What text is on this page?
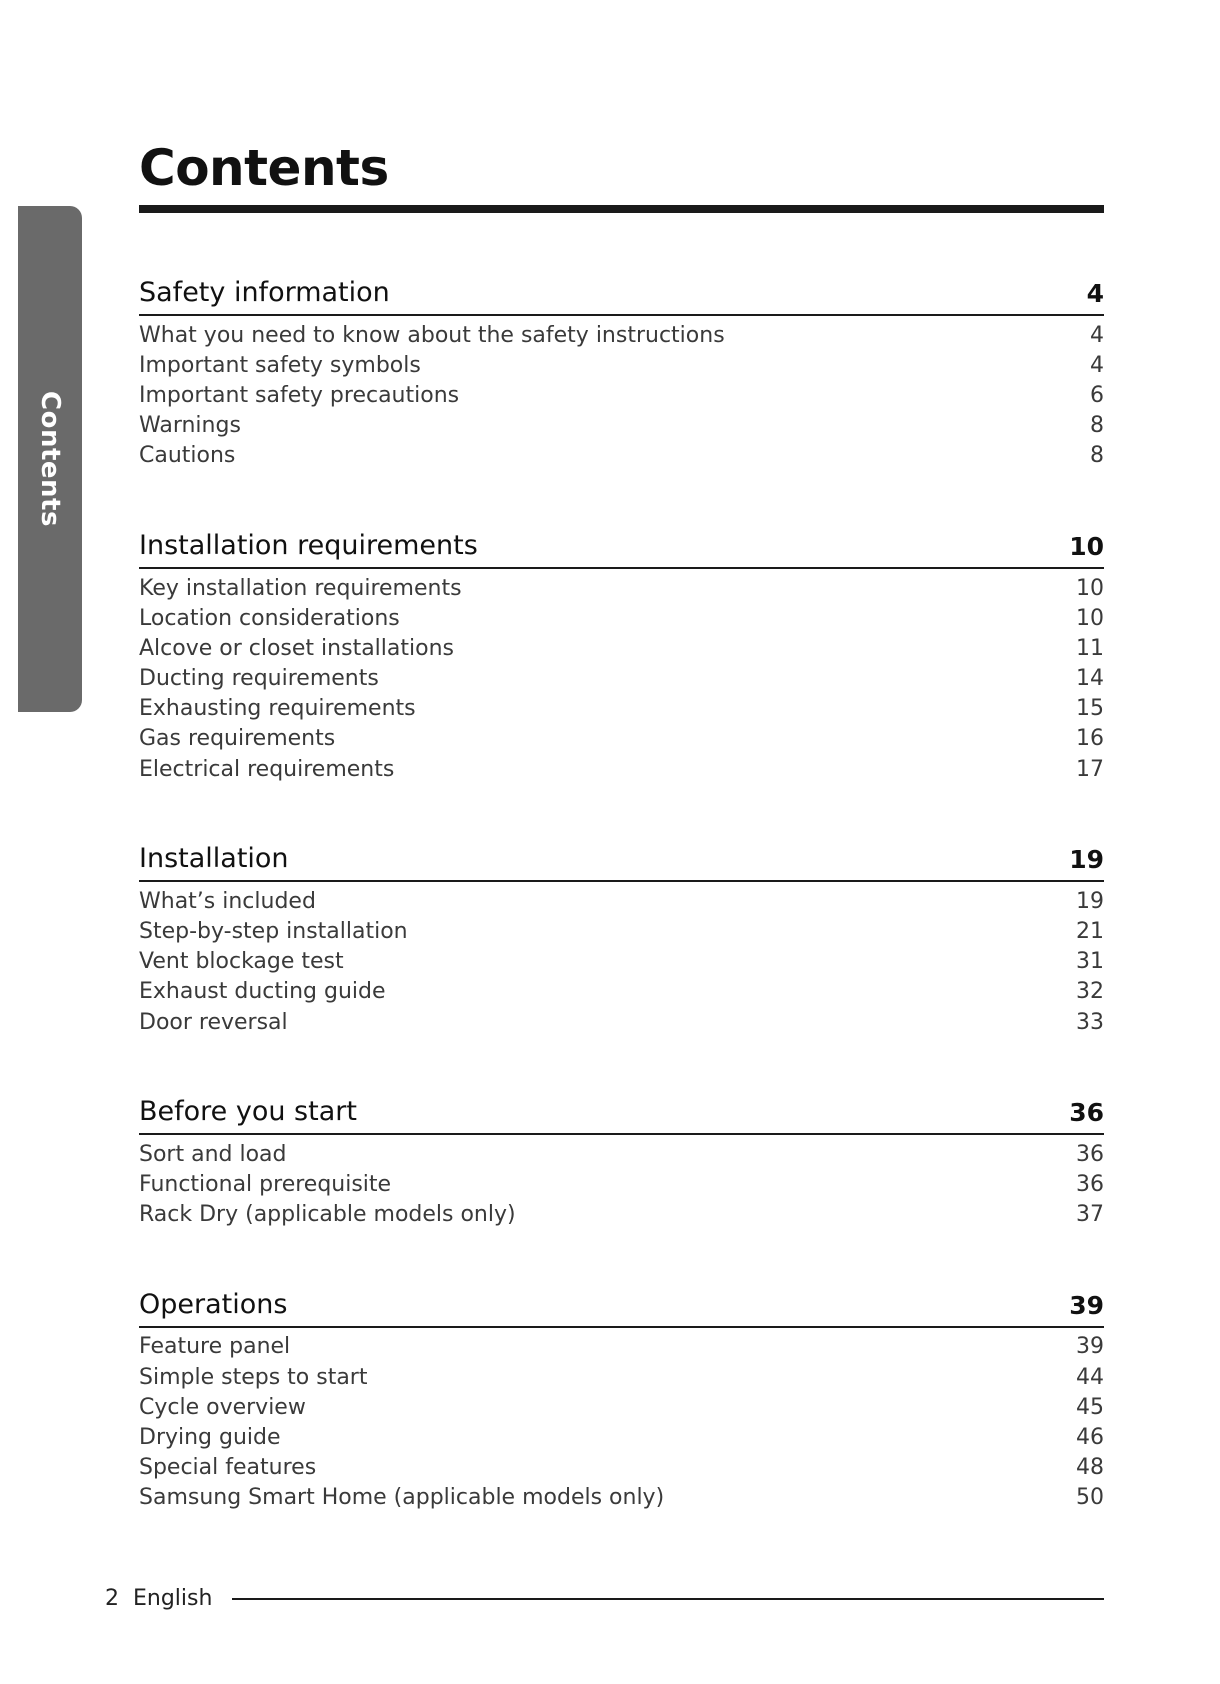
Contents
Contents
Safety information	4
What you need to know about the safety instructions	4
Important safety symbols	4
Important safety precautions	6
Warnings	8
Cautions	8
Installation requirements	10
Key installation requirements	10
Location considerations	10
Alcove or closet installations	11
Ducting requirements	14
Exhausting requirements	15
Gas requirements	16
Electrical requirements	17
Installation	19
What’s included	19
Step-by-step installation	21
Vent blockage test	31
Exhaust ducting guide	32
Door reversal	33
Before you start	36
Sort and load	36
Functional prerequisite	36
Rack Dry (applicable models only)	37
Operations	39
Feature panel	39
Simple steps to start	44
Cycle overview	45
Drying guide	46
Special features	48
Samsung Smart Home (applicable models only)	50
2 English
